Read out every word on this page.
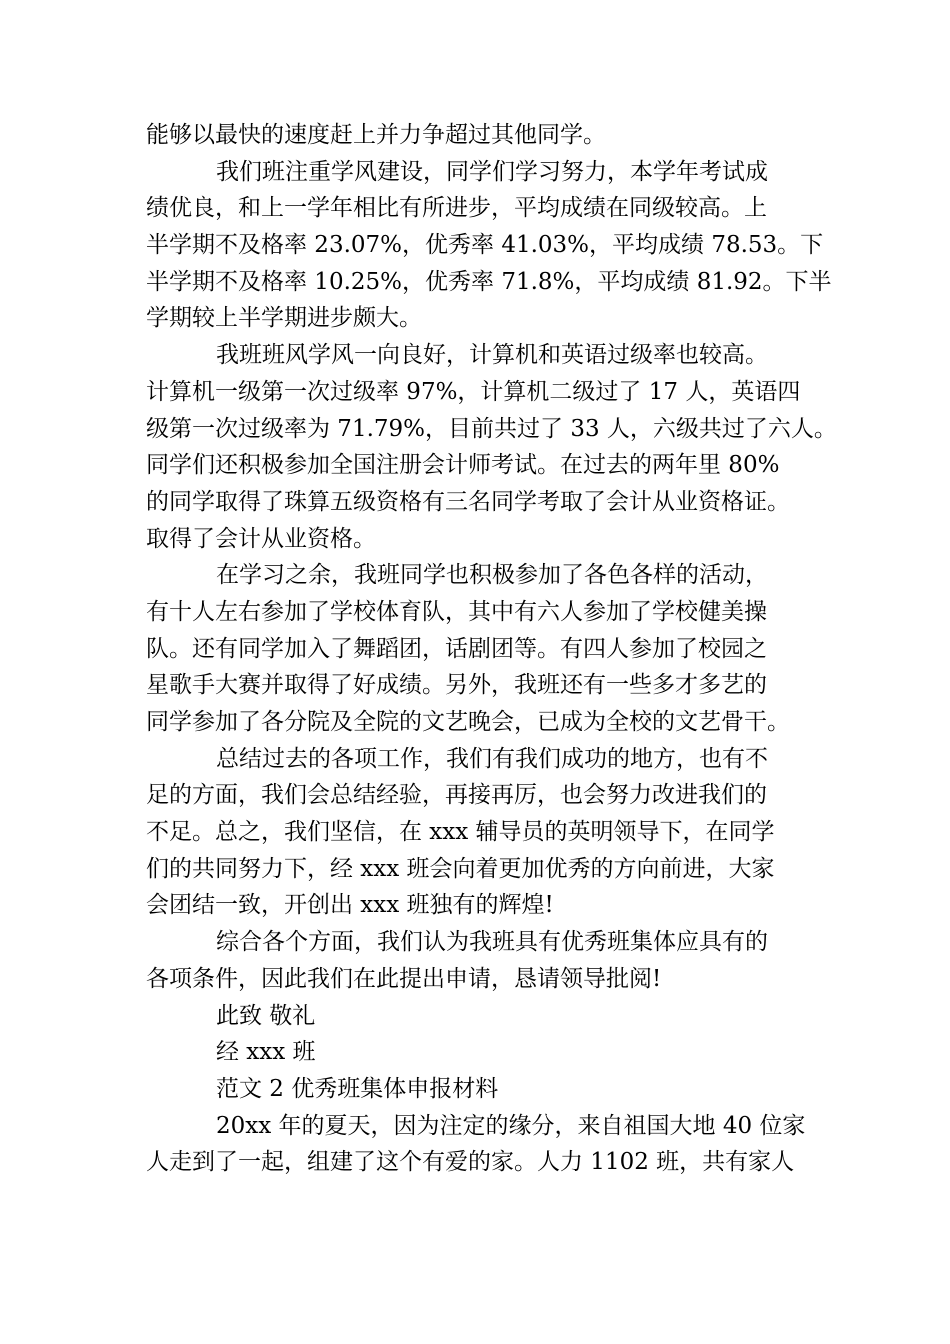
能够以最快的速度赶上并力争超过其他同学。
我们班注重学风建设，同学们学习努力，本学年考试成
绩优良，和上一学年相比有所进步，平均成绩在同级较高。上
半学期不及格率 23.07%，优秀率 41.03%，平均成绩 78.53。下
半学期不及格率 10.25%，优秀率 71.8%，平均成绩 81.92。下半
学期较上半学期进步颇大。
我班班风学风一向良好，计算机和英语过级率也较高。
计算机一级第一次过级率 97%，计算机二级过了 17 人，英语四
级第一次过级率为 71.79%，目前共过了 33 人，六级共过了六人。
同学们还积极参加全国注册会计师考试。在过去的两年里 80%
的同学取得了珠算五级资格有三名同学考取了会计从业资格证。
取得了会计从业资格。
在学习之余，我班同学也积极参加了各色各样的活动，
有十人左右参加了学校体育队，其中有六人参加了学校健美操
队。还有同学加入了舞蹈团，话剧团等。有四人参加了校园之
星歌手大赛并取得了好成绩。另外，我班还有一些多才多艺的
同学参加了各分院及全院的文艺晚会，已成为全校的文艺骨干。
总结过去的各项工作，我们有我们成功的地方，也有不
足的方面，我们会总结经验，再接再厉，也会努力改进我们的
不足。总之，我们坚信，在 xxx 辅导员的英明领导下，在同学
们的共同努力下，经 xxx 班会向着更加优秀的方向前进，大家
会团结一致，开创出 xxx 班独有的辉煌!
综合各个方面，我们认为我班具有优秀班集体应具有的
各项条件，因此我们在此提出申请，恳请领导批阅!
此致 敬礼
经 xxx 班
范文 2 优秀班集体申报材料
20xx 年的夏天，因为注定的缘分，来自祖国大地 40 位家
人走到了一起，组建了这个有爱的家。人力 1102 班，共有家人
